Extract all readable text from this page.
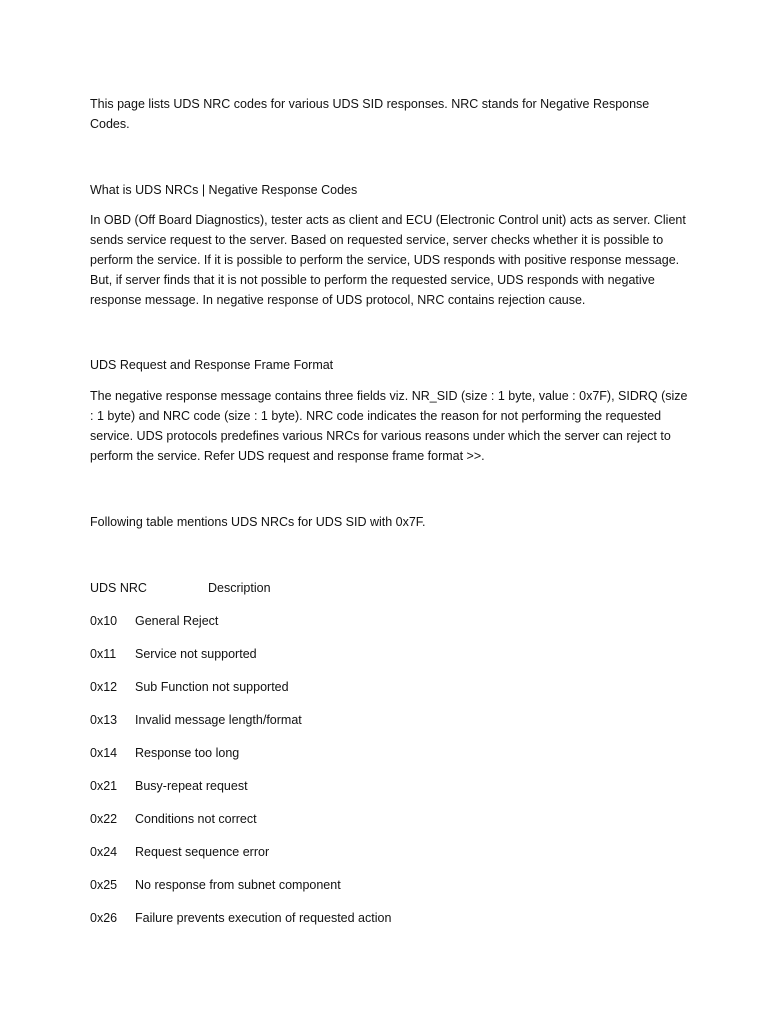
This page lists UDS NRC codes for various UDS SID responses. NRC stands for Negative Response Codes.

What is UDS NRCs | Negative Response Codes

In OBD (Off Board Diagnostics), tester acts as client and ECU (Electronic Control unit) acts as server. Client sends service request to the server. Based on requested service, server checks whether it is possible to perform the service. If it is possible to perform the service, UDS responds with positive response message. But, if server finds that it is not possible to perform the requested service, UDS responds with negative response message. In negative response of UDS protocol, NRC contains rejection cause.

UDS Request and Response Frame Format

The negative response message contains three fields viz. NR_SID (size : 1 byte, value : 0x7F), SIDRQ (size : 1 byte) and NRC code (size : 1 byte). NRC code indicates the reason for not performing the requested service. UDS protocols predefines various NRCs for various reasons under which the server can reject to perform the service. Refer UDS request and response frame format >>.

Following table mentions UDS NRCs for UDS SID with 0x7F.

UDS NRC	Description
0x10	General Reject
0x11	Service not supported
0x12	Sub Function not supported
0x13	Invalid message length/format
0x14	Response too long
0x21	Busy-repeat request
0x22	Conditions not correct
0x24	Request sequence error
0x25	No response from subnet component
0x26	Failure prevents execution of requested action
